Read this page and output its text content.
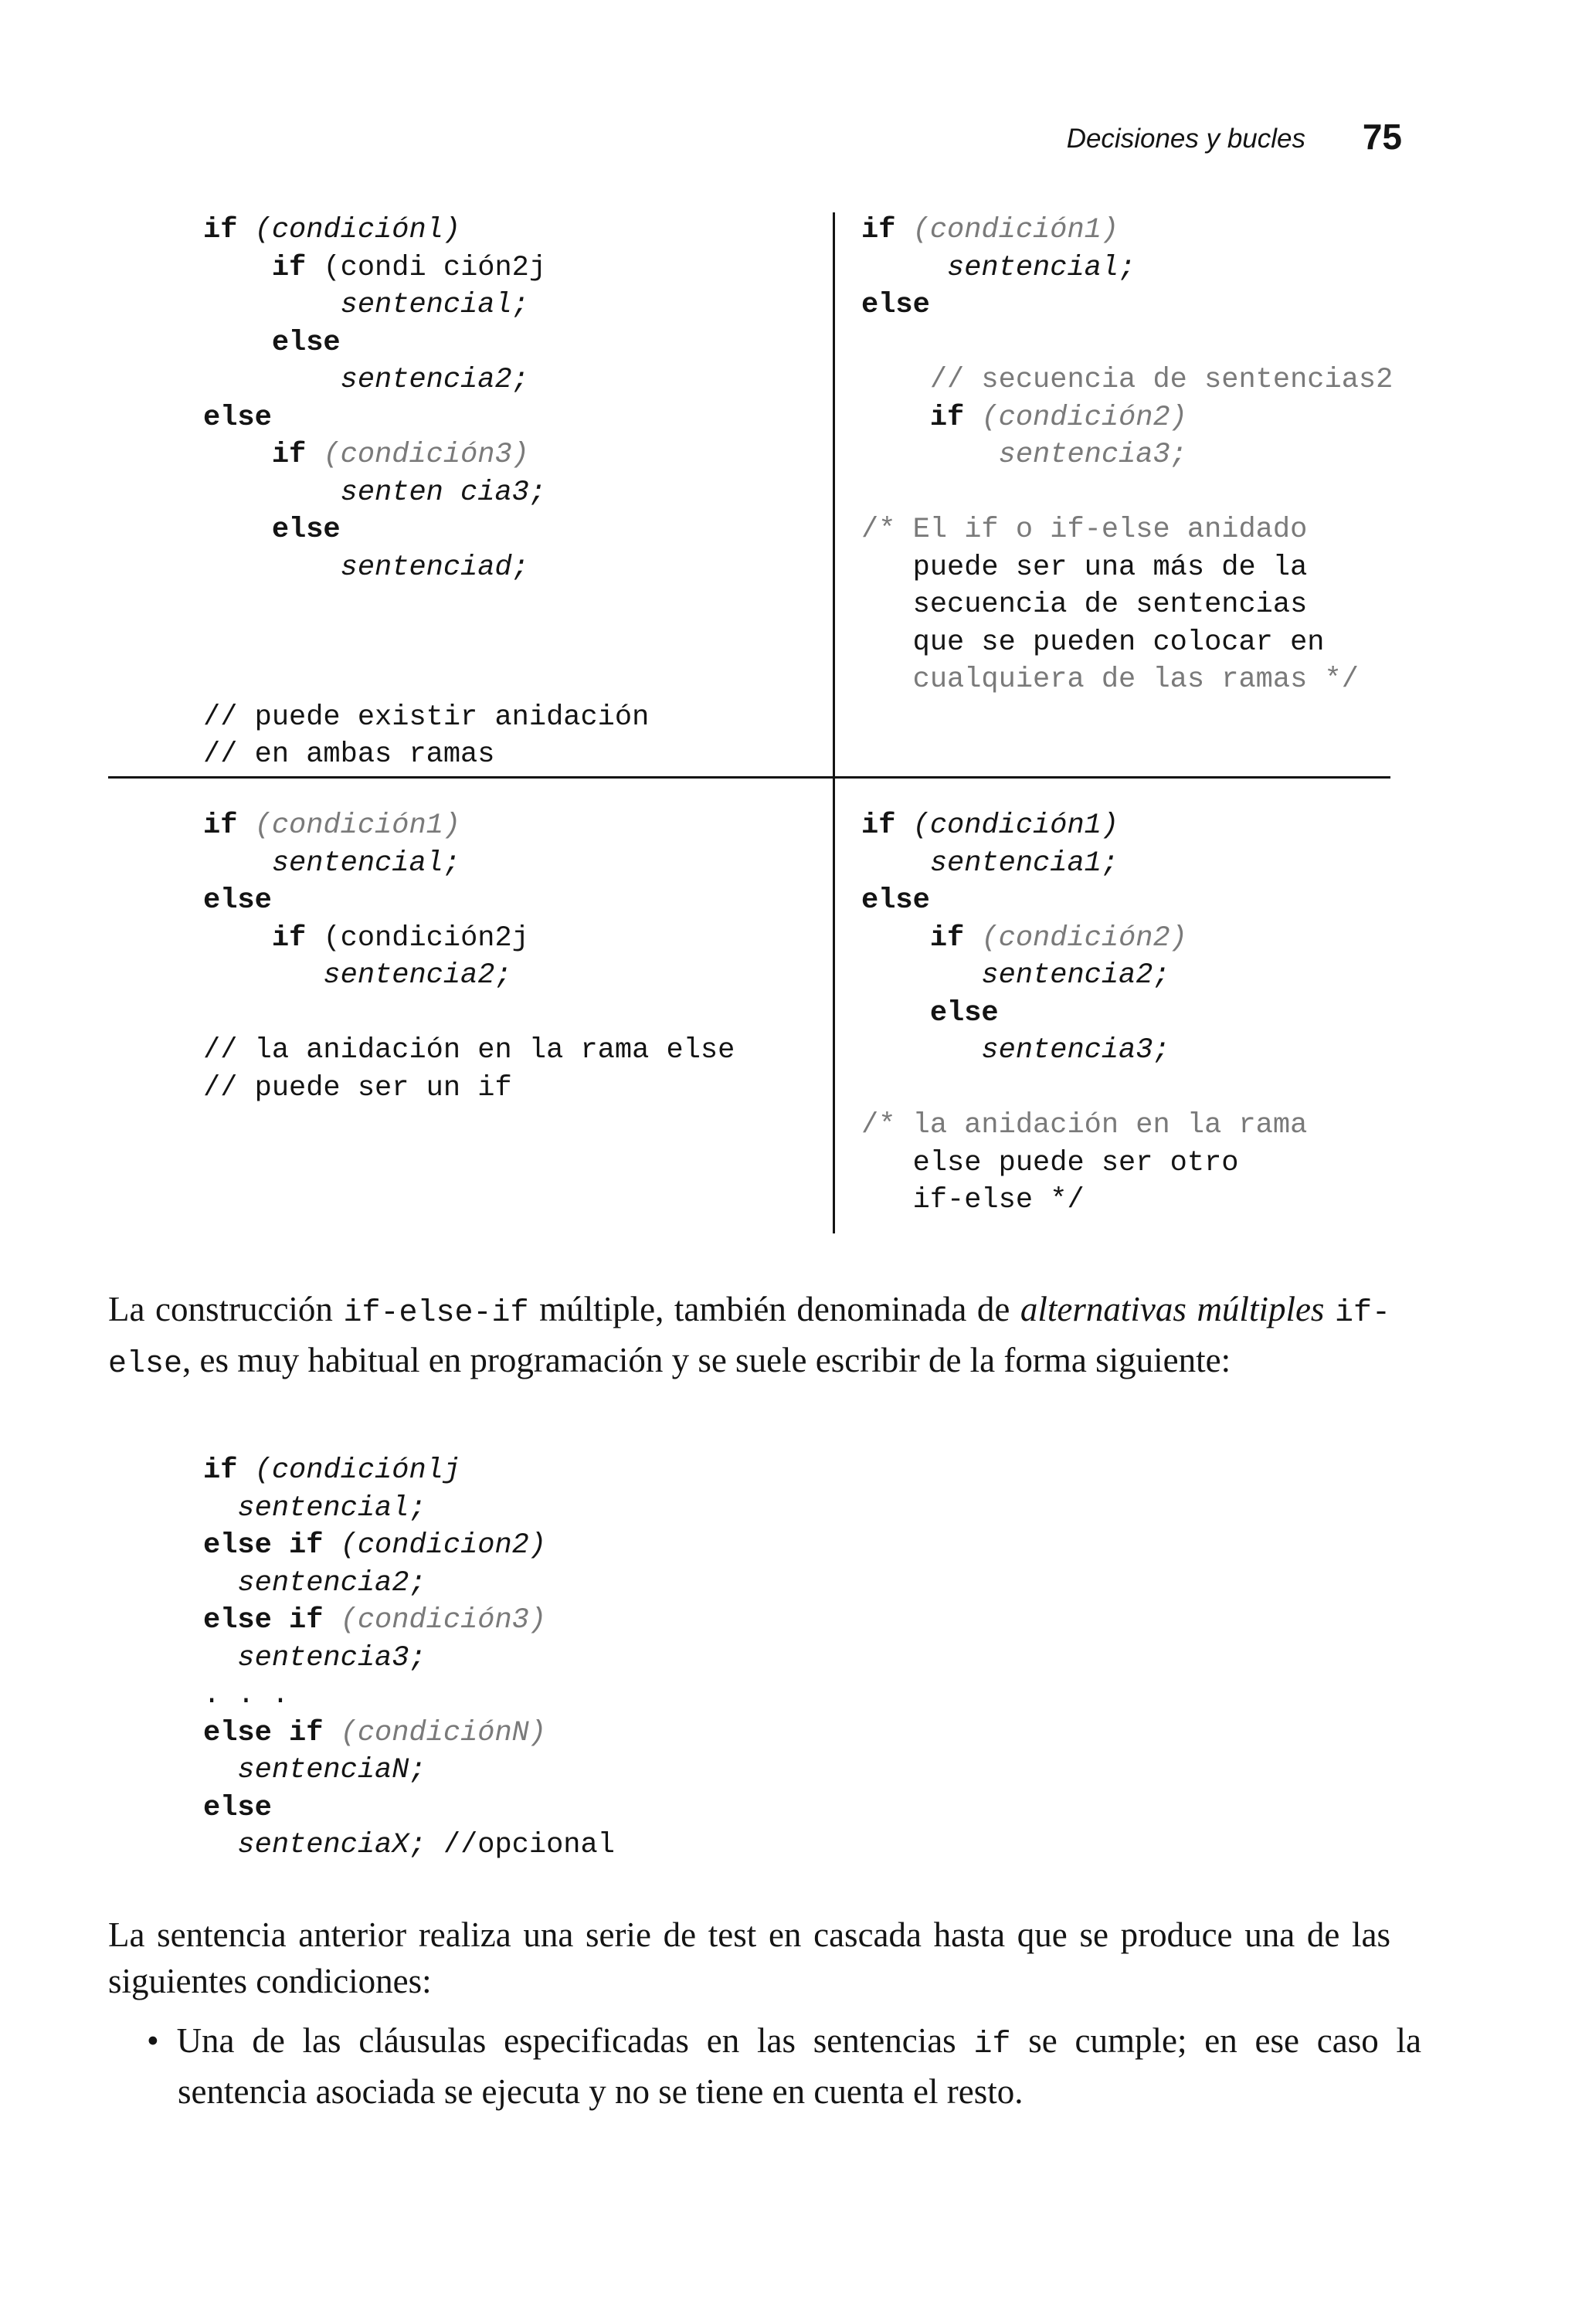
Decisiones y bucles	75
if (condiciónl)
if (condi ción2j
sentencial;
else
sentencia2;
else
if (condición3)
senten cia3;
else
sentenciad;
// puede existir anidación
// en ambas ramas
if (condición1)
sentencial;
else
// secuencia de sentencias2
if (condición2)
sentencia3;
/* El if o if-else anidado
puede ser una más de la
secuencia de sentencias
que se pueden colocar en
cualquiera de las ramas */
if (condición1)
sentencial;
else
if (condición2j
sentencia2;
// la anidación en la rama else
// puede ser un if
if (condición1)
sentencia1;
else
if (condición2)
sentencia2;
else
sentencia3;
/* la anidación en la rama
else puede ser otro
if-else */
La construcción if-else-if múltiple, también denominada de alternativas múltiples if-else, es muy habitual en programación y se suele escribir de la forma siguiente:
if (condiciónlj
sentencial;
else if (condicion2)
sentencia2;
else if (condición3)
sentencia3;
. . .
else if (condiciónN)
sentenciaN;
else
sentenciaX; //opcional
La sentencia anterior realiza una serie de test en cascada hasta que se produce una de las siguientes condiciones:
• Una de las cláusulas especificadas en las sentencias if se cumple; en ese caso la sentencia asociada se ejecuta y no se tiene en cuenta el resto.
